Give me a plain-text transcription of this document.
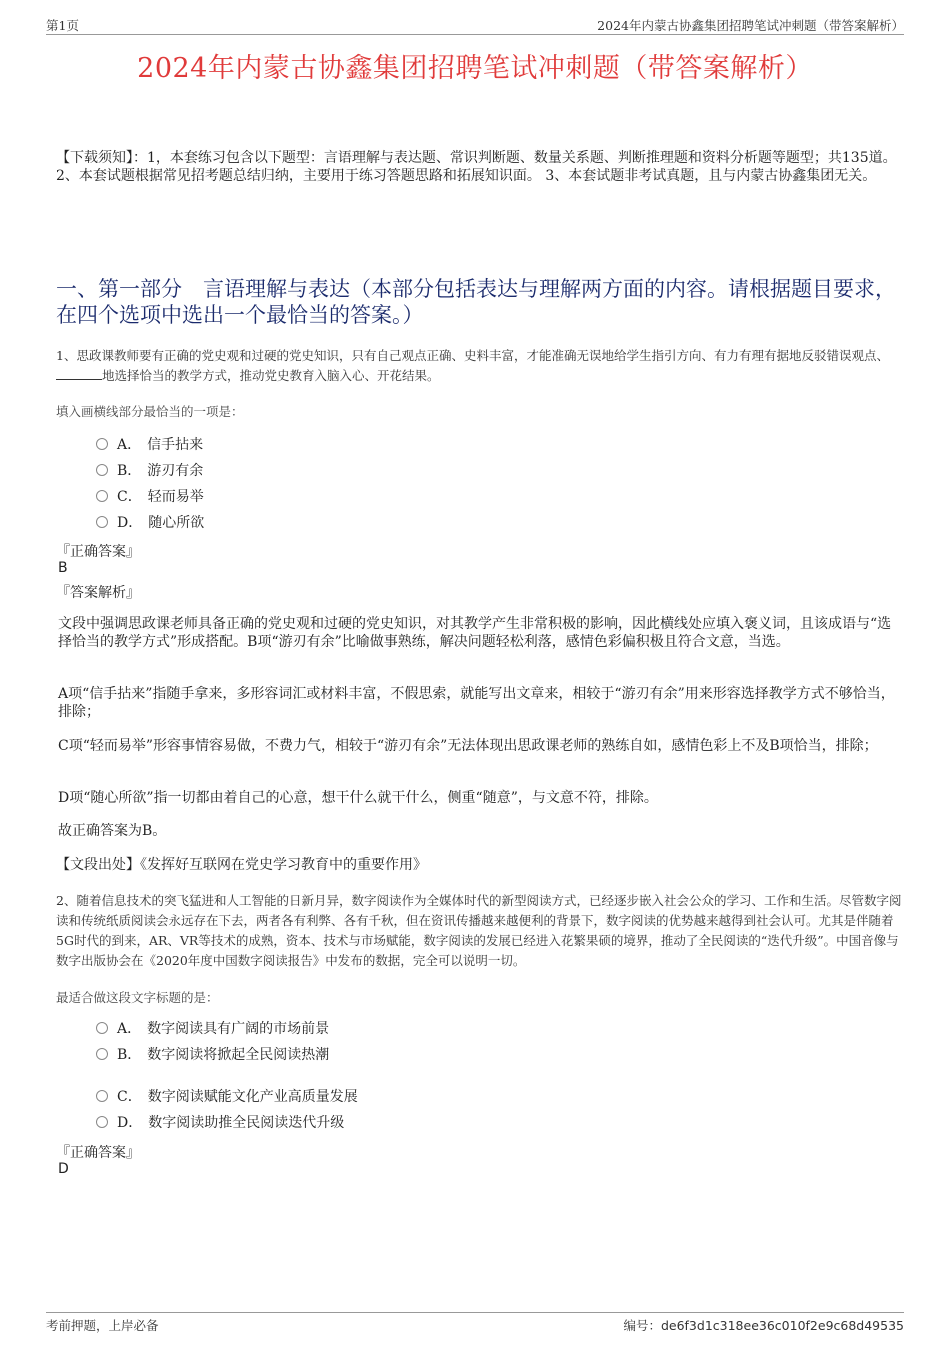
第1页	2024年内蒙古协鑫集团招聘笔试冲刺题（带答案解析）
2024年内蒙古协鑫集团招聘笔试冲刺题（带答案解析）
【下载须知】：1，本套练习包含以下题型：言语理解与表达题、常识判断题、数量关系题、判断推理题和资料分析题等题型；共135道。 2、本套试题根据常见招考题总结归纳，主要用于练习答题思路和拓展知识面。 3、本套试题非考试真题，且与内蒙古协鑫集团无关。
一、第一部分　言语理解与表达（本部分包括表达与理解两方面的内容。请根据题目要求，在四个选项中选出一个最恰当的答案。）
1、思政课教师要有正确的党史观和过硬的党史知识，只有自己观点正确、史料丰富，才能准确无误地给学生指引方向、有力有理有据地反驳错误观点、地选择恰当的教学方式，推动党史教育入脑入心、开花结果。
填入画横线部分最恰当的一项是：
A． 信手拈来
B． 游刃有余
C． 轻而易举
D． 随心所欲
『正确答案』
B
『答案解析』
文段中强调思政课老师具备正确的党史观和过硬的党史知识，对其教学产生非常积极的影响，因此横线处应填入褒义词，且该成语与“选择恰当的教学方式”形成搭配。B项“游刃有余”比喻做事熟练，解决问题轻松利落，感情色彩偏积极且符合文意，当选。
A项“信手拈来”指随手拿来，多形容词汇或材料丰富，不假思索，就能写出文章来，相较于“游刃有余”用来形容选择教学方式不够恰当，排除；
C项“轻而易举”形容事情容易做，不费力气，相较于“游刃有余”无法体现出思政课老师的熟练自如，感情色彩上不及B项恰当，排除；
D项“随心所欲”指一切都由着自己的心意，想干什么就干什么，侧重“随意”，与文意不符，排除。
故正确答案为B。
【文段出处】《发挥好互联网在党史学习教育中的重要作用》
2、随着信息技术的突飞猛进和人工智能的日新月异，数字阅读作为全媒体时代的新型阅读方式，已经逐步嵌入社会公众的学习、工作和生活。尽管数字阅读和传统纸质阅读会永远存在下去，两者各有利弊、各有千秋，但在资讯传播越来越便利的背景下，数字阅读的优势越来越得到社会认可。尤其是伴随着5G时代的到来，AR、VR等技术的成熟，资本、技术与市场赋能，数字阅读的发展已经进入花繁果硕的境界，推动了全民阅读的“迭代升级”。中国音像与数字出版协会在《2020年度中国数字阅读报告》中发布的数据，完全可以说明一切。
最适合做这段文字标题的是：
A． 数字阅读具有广阔的市场前景
B． 数字阅读将掀起全民阅读热潮
C． 数字阅读赋能文化产业高质量发展
D． 数字阅读助推全民阅读迭代升级
『正确答案』
D
考前押题，上岸必备	编号：de6f3d1c318ee36c010f2e9c68d49535
